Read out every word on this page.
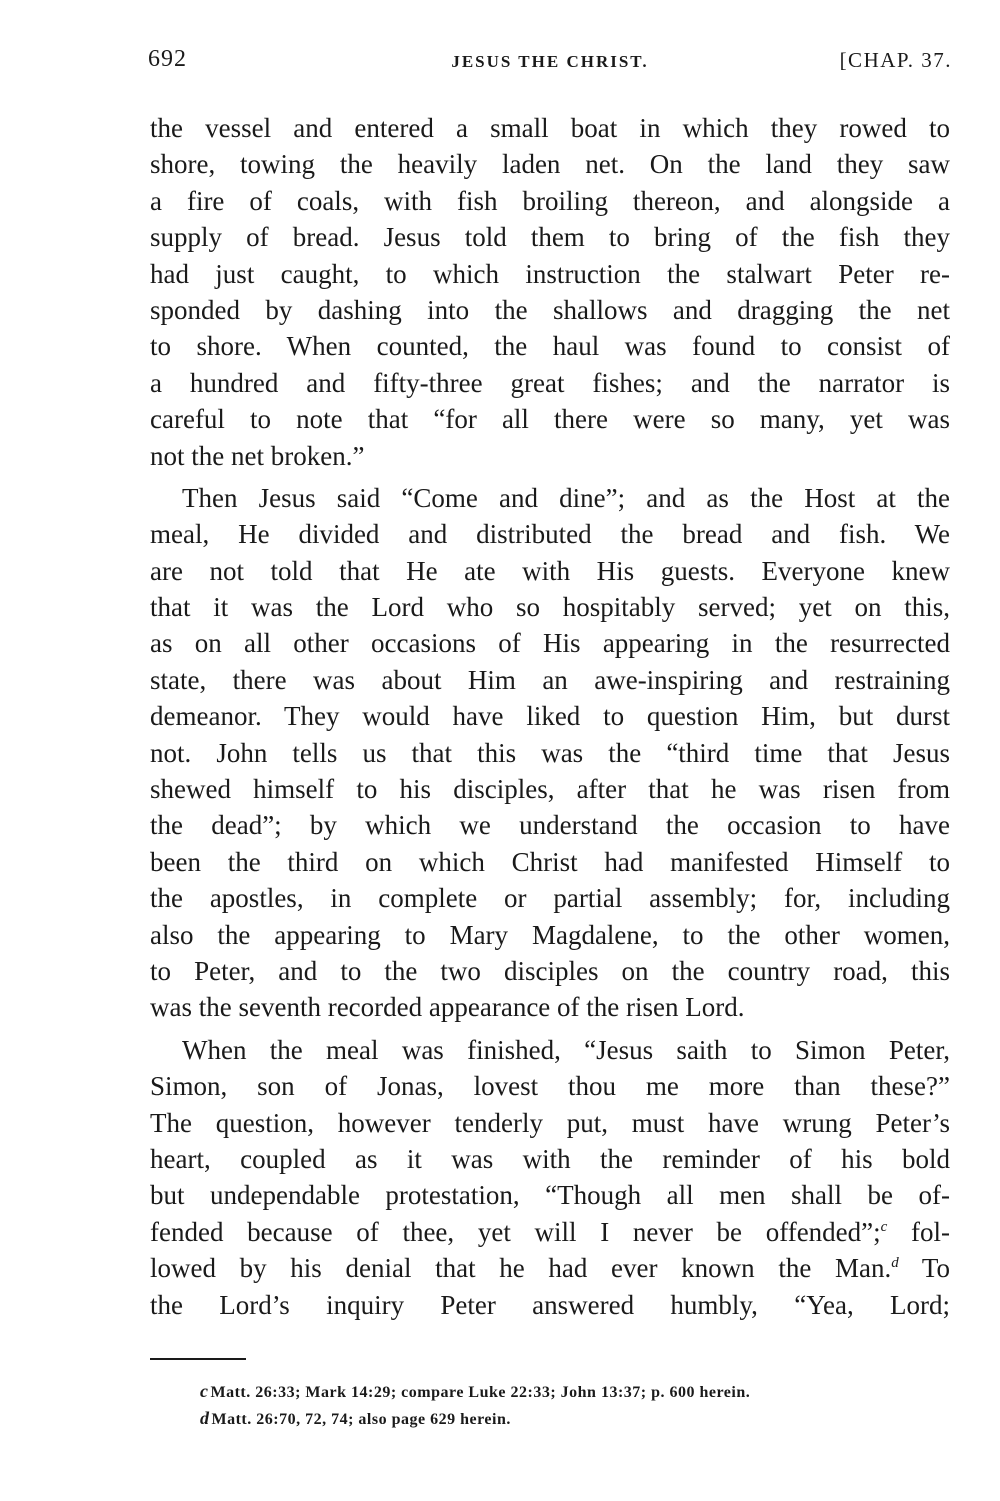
692	JESUS THE CHRIST.	[CHAP. 37.
the vessel and entered a small boat in which they rowed to
shore, towing the heavily laden net. On the land they saw
a fire of coals, with fish broiling thereon, and alongside a
supply of bread. Jesus told them to bring of the fish they
had just caught, to which instruction the stalwart Peter re-
sponded by dashing into the shallows and dragging the net
to shore. When counted, the haul was found to consist of
a hundred and fifty-three great fishes; and the narrator is
careful to note that “for all there were so many, yet was
not the net broken.”
Then Jesus said “Come and dine”; and as the Host at the
meal, He divided and distributed the bread and fish. We
are not told that He ate with His guests. Everyone knew
that it was the Lord who so hospitably served; yet on this,
as on all other occasions of His appearing in the resurrected
state, there was about Him an awe-inspiring and restraining
demeanor. They would have liked to question Him, but durst
not. John tells us that this was the “third time that Jesus
shewed himself to his disciples, after that he was risen from
the dead”; by which we understand the occasion to have
been the third on which Christ had manifested Himself to
the apostles, in complete or partial assembly; for, including
also the appearing to Mary Magdalene, to the other women,
to Peter, and to the two disciples on the country road, this
was the seventh recorded appearance of the risen Lord.
When the meal was finished, “Jesus saith to Simon Peter,
Simon, son of Jonas, lovest thou me more than these?”
The question, however tenderly put, must have wrung Peter’s
heart, coupled as it was with the reminder of his bold
but undependable protestation, “Though all men shall be of-
fended because of thee, yet will I never be offended”;$^c$ fol-
lowed by his denial that he had ever known the Man.$^d$ To
the Lord’s inquiry Peter answered humbly, “Yea, Lord;
c Matt. 26:33; Mark 14:29; compare Luke 22:33; John 13:37; p. 600 herein.
d Matt. 26:70, 72, 74; also page 629 herein.
